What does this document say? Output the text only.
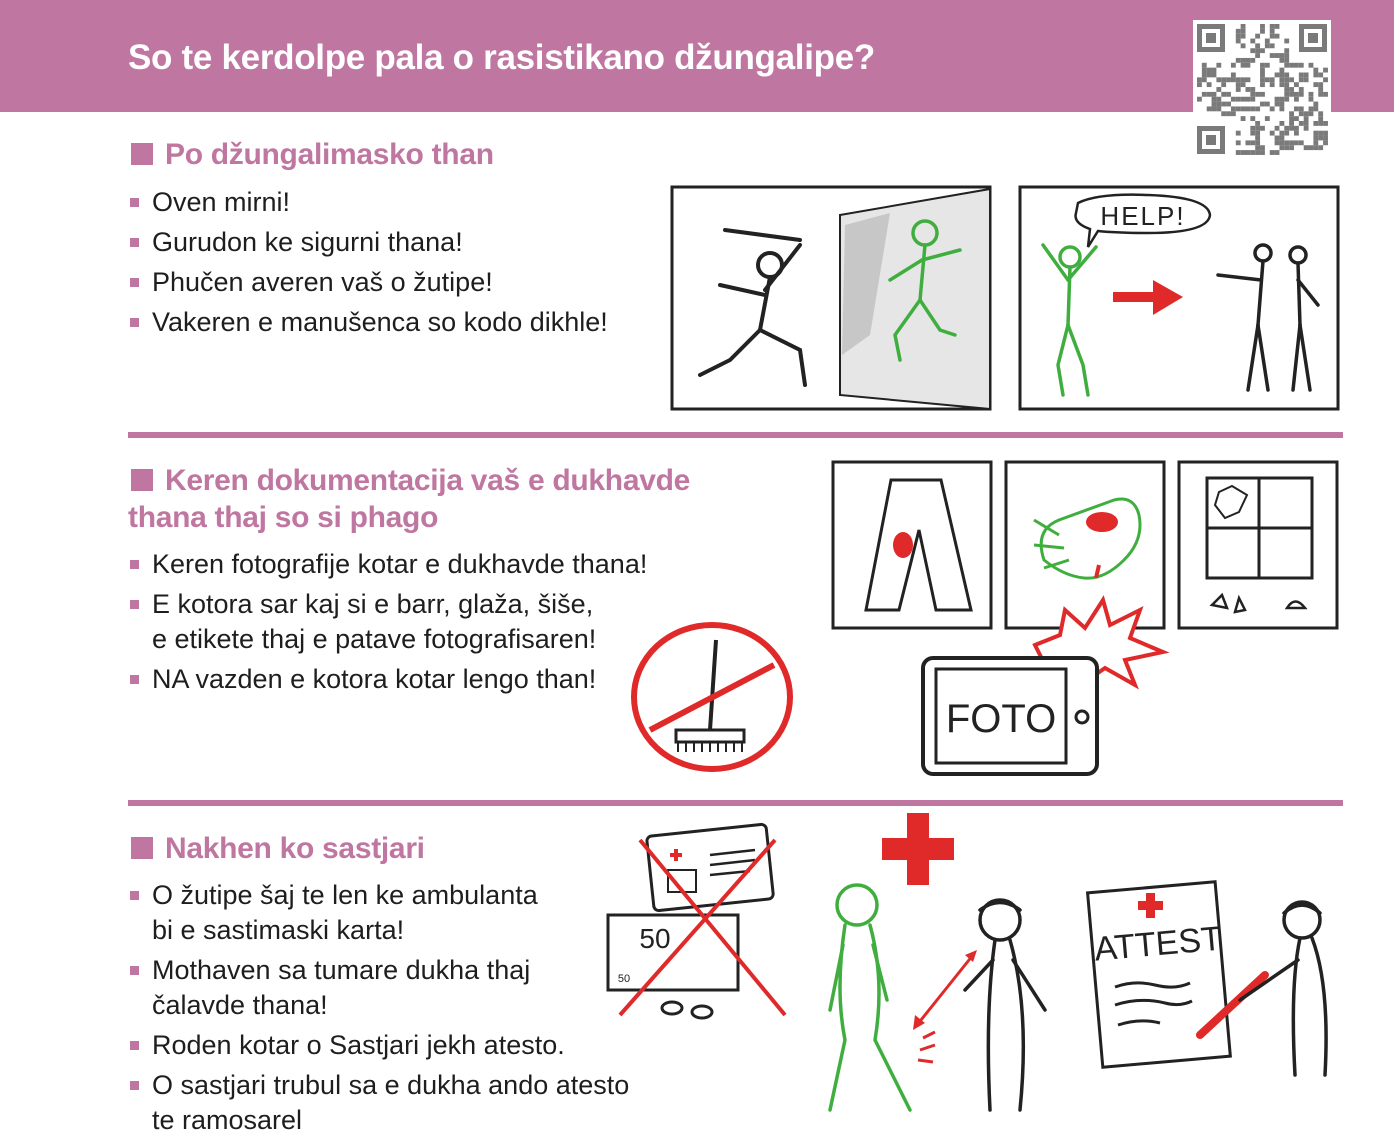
So te kerdolpe pala o rasistikano džungalipe?
Po džungalimasko than
Oven mirni!
Gurudon ke sigurni thana!
Phučen averen vaš o žutipe!
Vakeren e manušenca so kodo dikhle!
HELP!
Keren dokumentacija vaš e dukhavde
thana thaj so si phago
Keren fotografije kotar e dukhavde thana!
E kotora sar kaj si e barr, glaža, šiše,
e etikete thaj e patave fotografisaren!
NA vazden e kotora kotar lengo than!
FOTO
Nakhen ko sastjari
O žutipe šaj te len ke ambulanta
bi e sastimaski karta!
Mothaven sa tumare dukha thaj
čalavde thana!
Roden kotar o Sastjari jekh atesto.
O sastjari trubul sa e dukha ando atesto
te ramosarel
50
50
ATTEST
